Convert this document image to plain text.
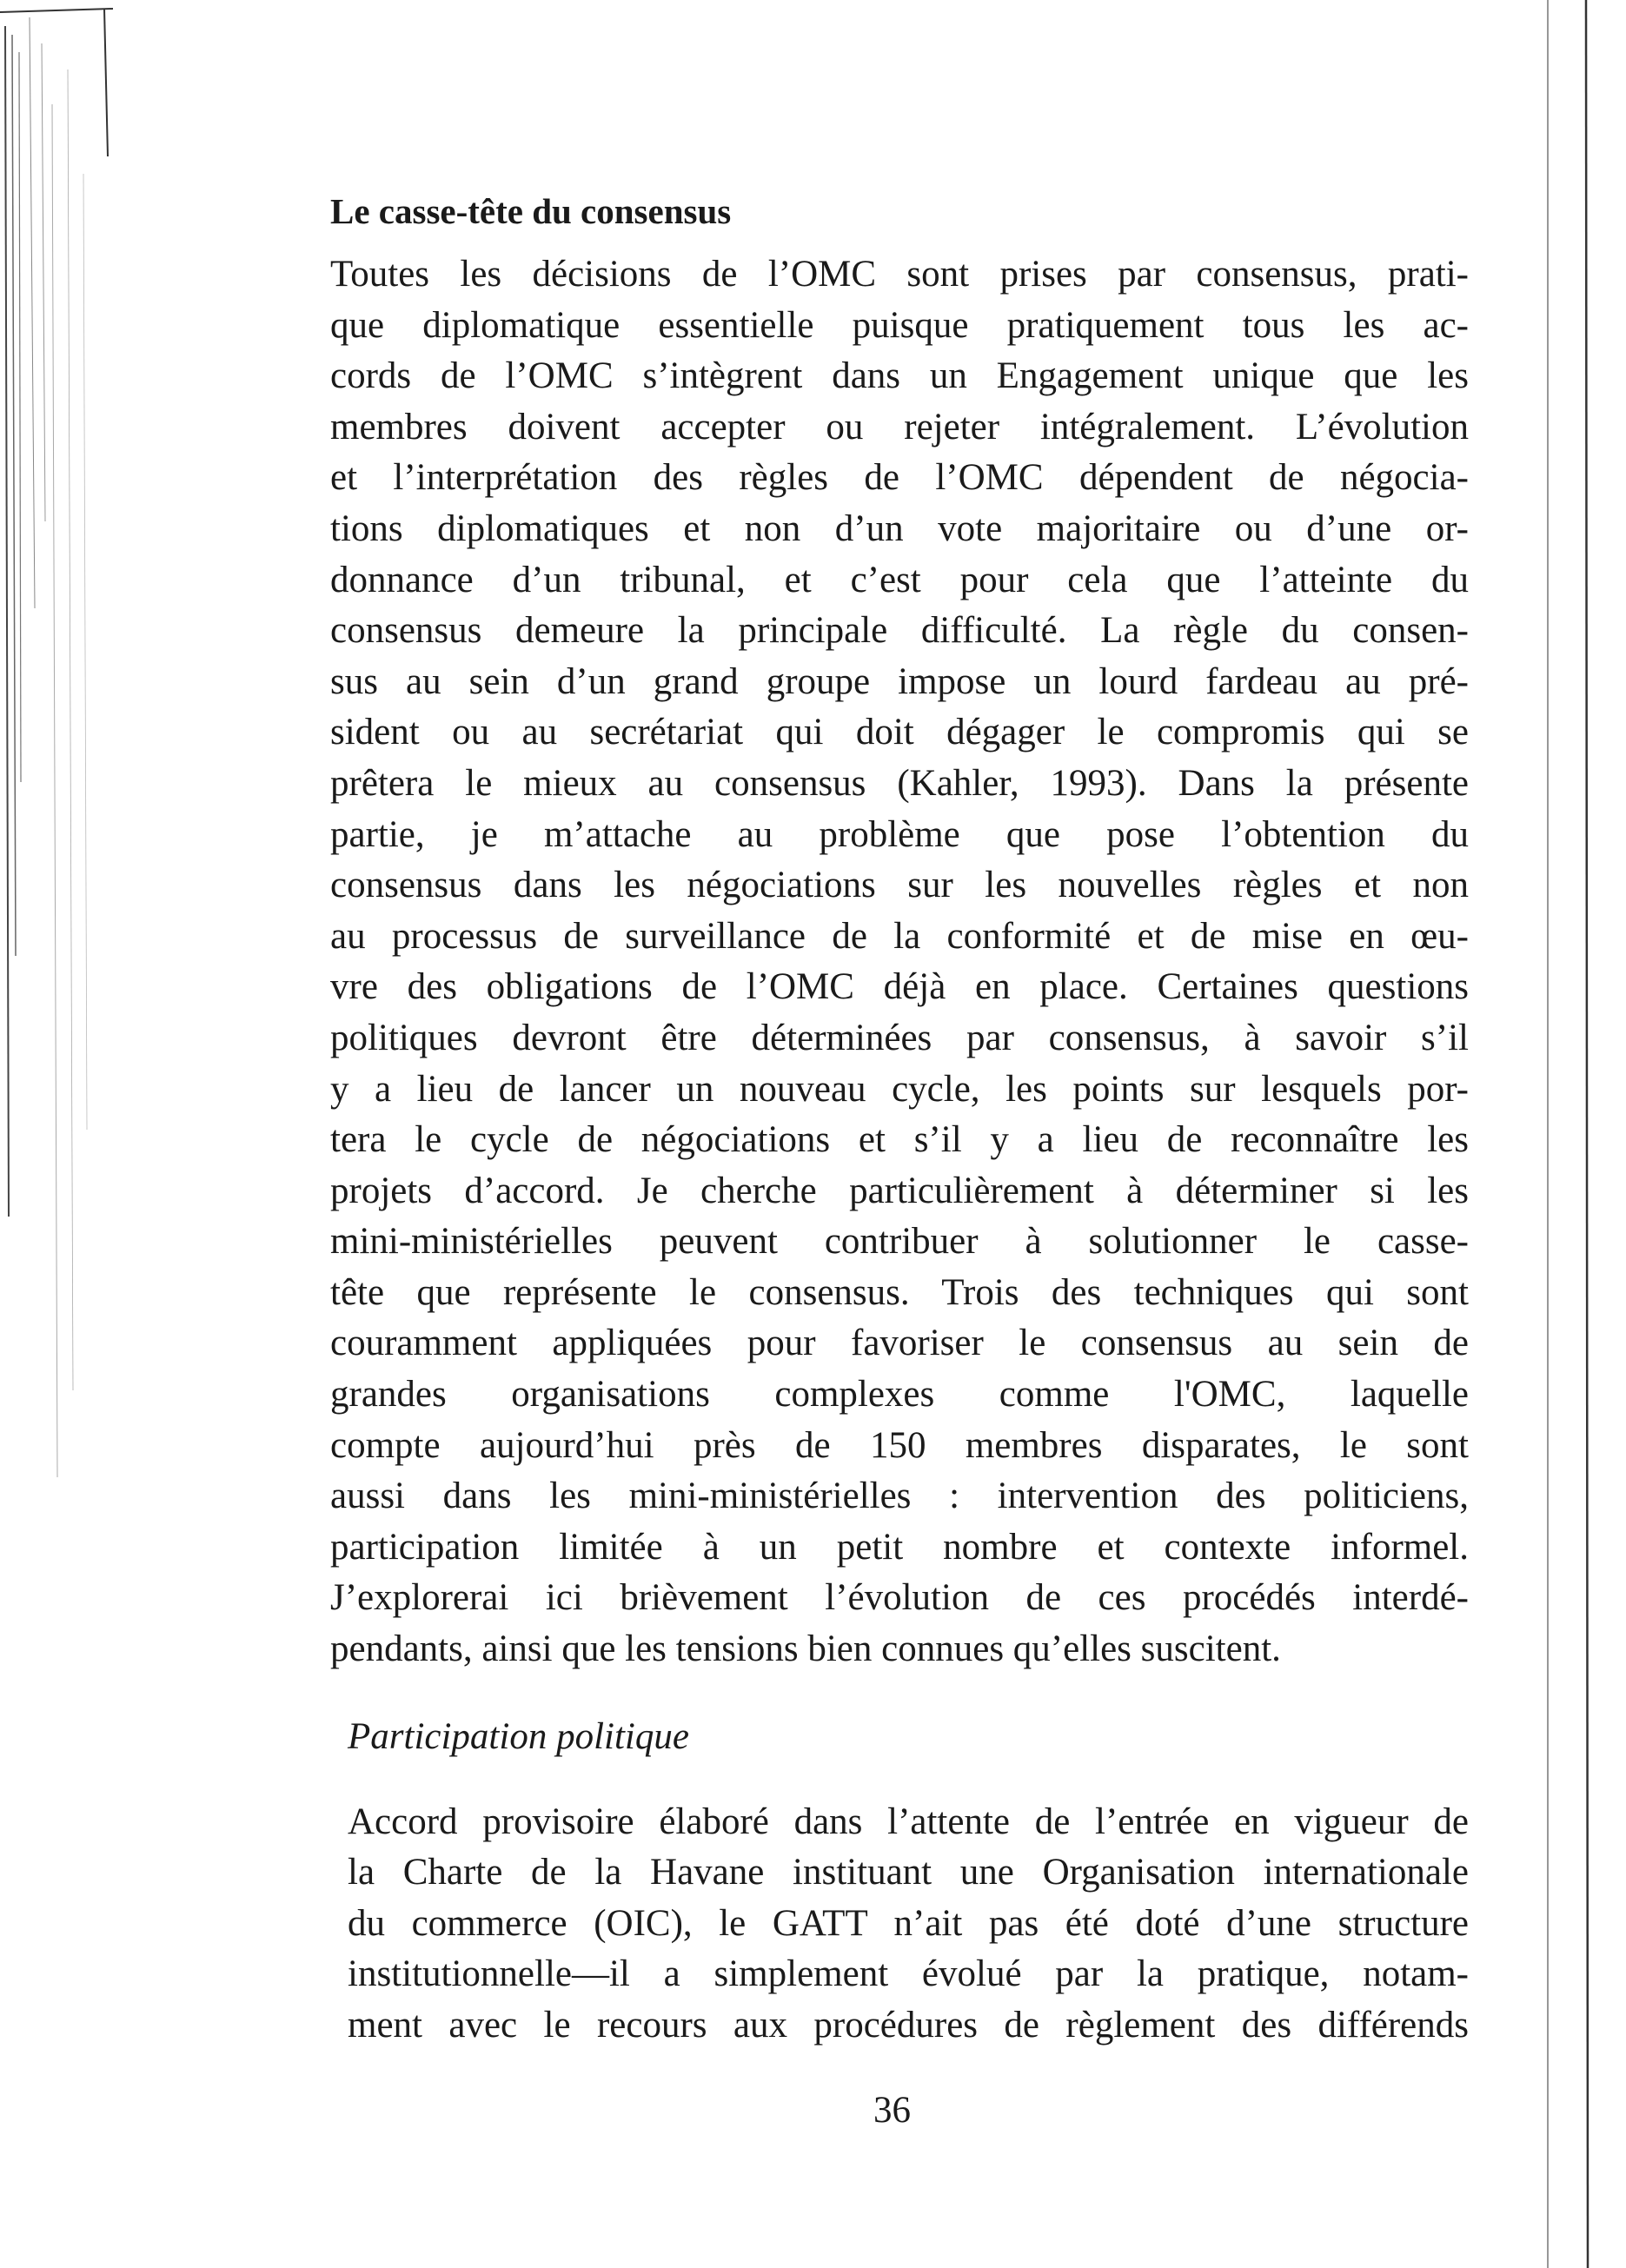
Le casse-tête du consensus

Toutes les décisions de l’OMC sont prises par consensus, prati-
que diplomatique essentielle puisque pratiquement tous les ac-
cords de l’OMC s’intègrent dans un Engagement unique que les
membres doivent accepter ou rejeter intégralement. L’évolution
et l’interprétation des règles de l’OMC dépendent de négocia-
tions diplomatiques et non d’un vote majoritaire ou d’une or-
donnance d’un tribunal, et c’est pour cela que l’atteinte du
consensus demeure la principale difficulté. La règle du consen-
sus au sein d’un grand groupe impose un lourd fardeau au pré-
sident ou au secrétariat qui doit dégager le compromis qui se
prêtera le mieux au consensus (Kahler, 1993). Dans la présente
partie, je m’attache au problème que pose l’obtention du
consensus dans les négociations sur les nouvelles règles et non
au processus de surveillance de la conformité et de mise en œu-
vre des obligations de l’OMC déjà en place. Certaines questions
politiques devront être déterminées par consensus, à savoir s’il
y a lieu de lancer un nouveau cycle, les points sur lesquels por-
tera le cycle de négociations et s’il y a lieu de reconnaître les
projets d’accord. Je cherche particulièrement à déterminer si les
mini-ministérielles peuvent contribuer à solutionner le casse-
tête que représente le consensus. Trois des techniques qui sont
couramment appliquées pour favoriser le consensus au sein de
grandes organisations complexes comme l'OMC, laquelle
compte aujourd’hui près de 150 membres disparates, le sont
aussi dans les mini-ministérielles : intervention des politiciens,
participation limitée à un petit nombre et contexte informel.
J’explorerai ici brièvement l’évolution de ces procédés interdé-
pendants, ainsi que les tensions bien connues qu’elles suscitent.

Participation politique

Accord provisoire élaboré dans l’attente de l’entrée en vigueur de
la Charte de la Havane instituant une Organisation internationale
du commerce (OIC), le GATT n’ait pas été doté d’une structure
institutionnelle—il a simplement évolué par la pratique, notam-
ment avec le recours aux procédures de règlement des différends

36
